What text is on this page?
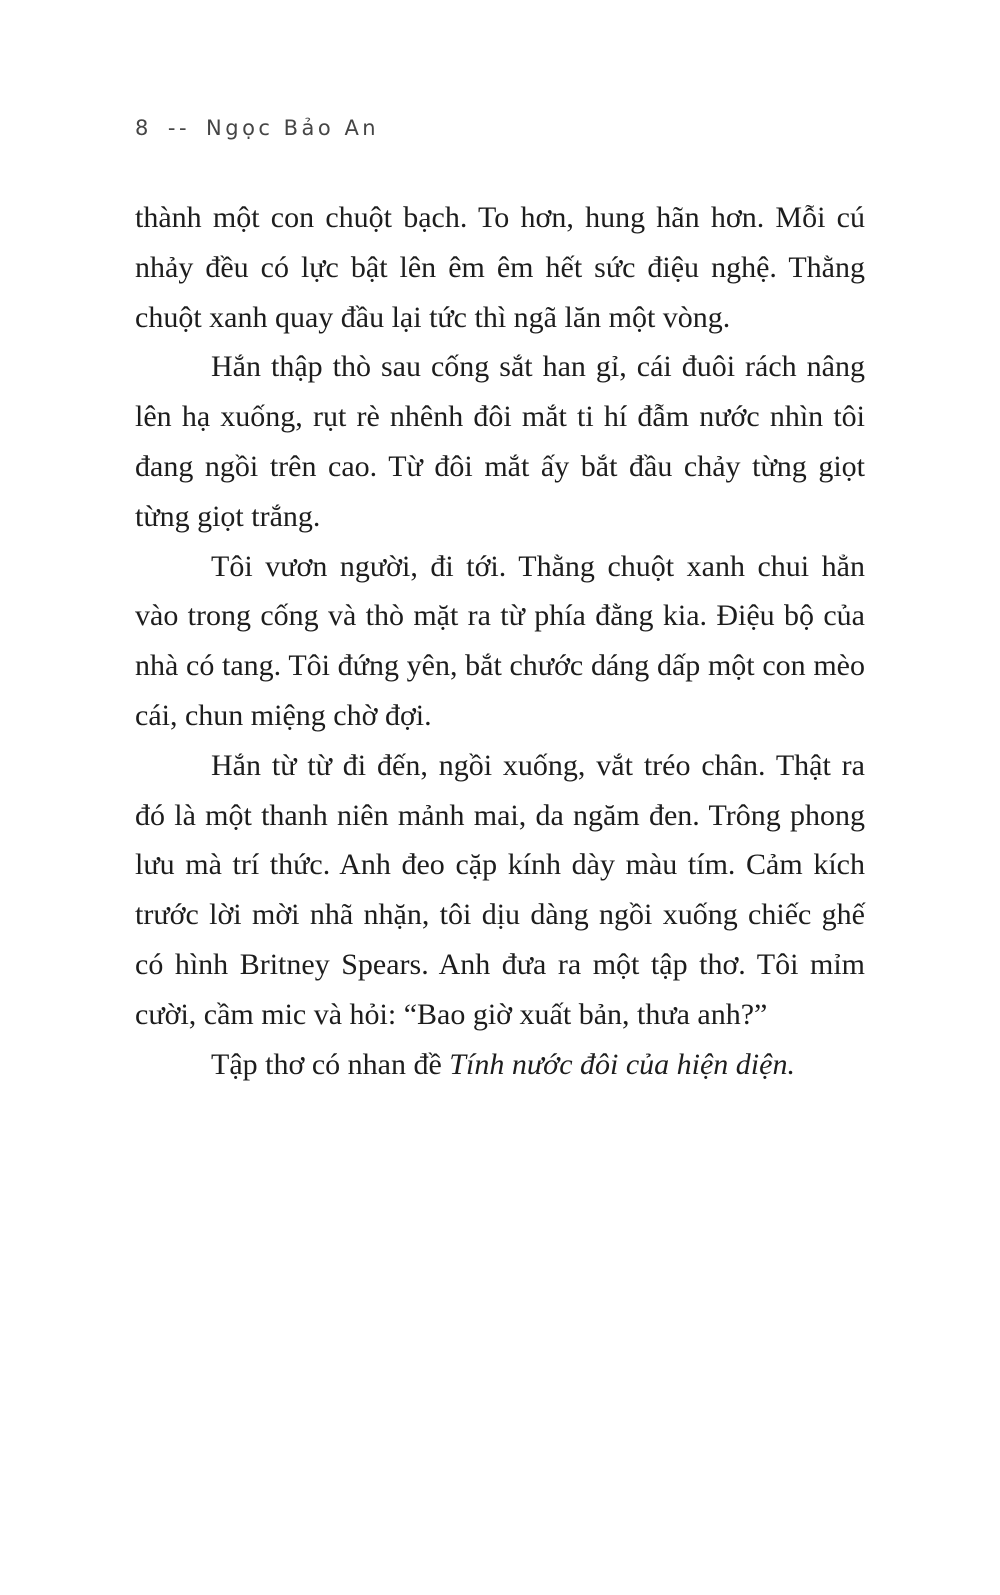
8 -- Ngọc Bảo An

thành một con chuột bạch. To hơn, hung hãn hơn. Mỗi cú nhảy đều có lực bật lên êm êm hết sức điệu nghệ. Thằng chuột xanh quay đầu lại tức thì ngã lăn một vòng.

Hắn thập thò sau cống sắt han gỉ, cái đuôi rách nâng lên hạ xuống, rụt rè nhênh đôi mắt ti hí đẫm nước nhìn tôi đang ngồi trên cao. Từ đôi mắt ấy bắt đầu chảy từng giọt từng giọt trắng.

Tôi vươn người, đi tới. Thằng chuột xanh chui hẳn vào trong cống và thò mặt ra từ phía đằng kia. Điệu bộ của nhà có tang. Tôi đứng yên, bắt chước dáng dấp một con mèo cái, chun miệng chờ đợi.

Hắn từ từ đi đến, ngồi xuống, vắt tréo chân. Thật ra đó là một thanh niên mảnh mai, da ngăm đen. Trông phong lưu mà trí thức. Anh đeo cặp kính dày màu tím. Cảm kích trước lời mời nhã nhặn, tôi dịu dàng ngồi xuống chiếc ghế có hình Britney Spears. Anh đưa ra một tập thơ. Tôi mỉm cười, cầm mic và hỏi: “Bao giờ xuất bản, thưa anh?”

Tập thơ có nhan đề Tính nước đôi của hiện diện.
